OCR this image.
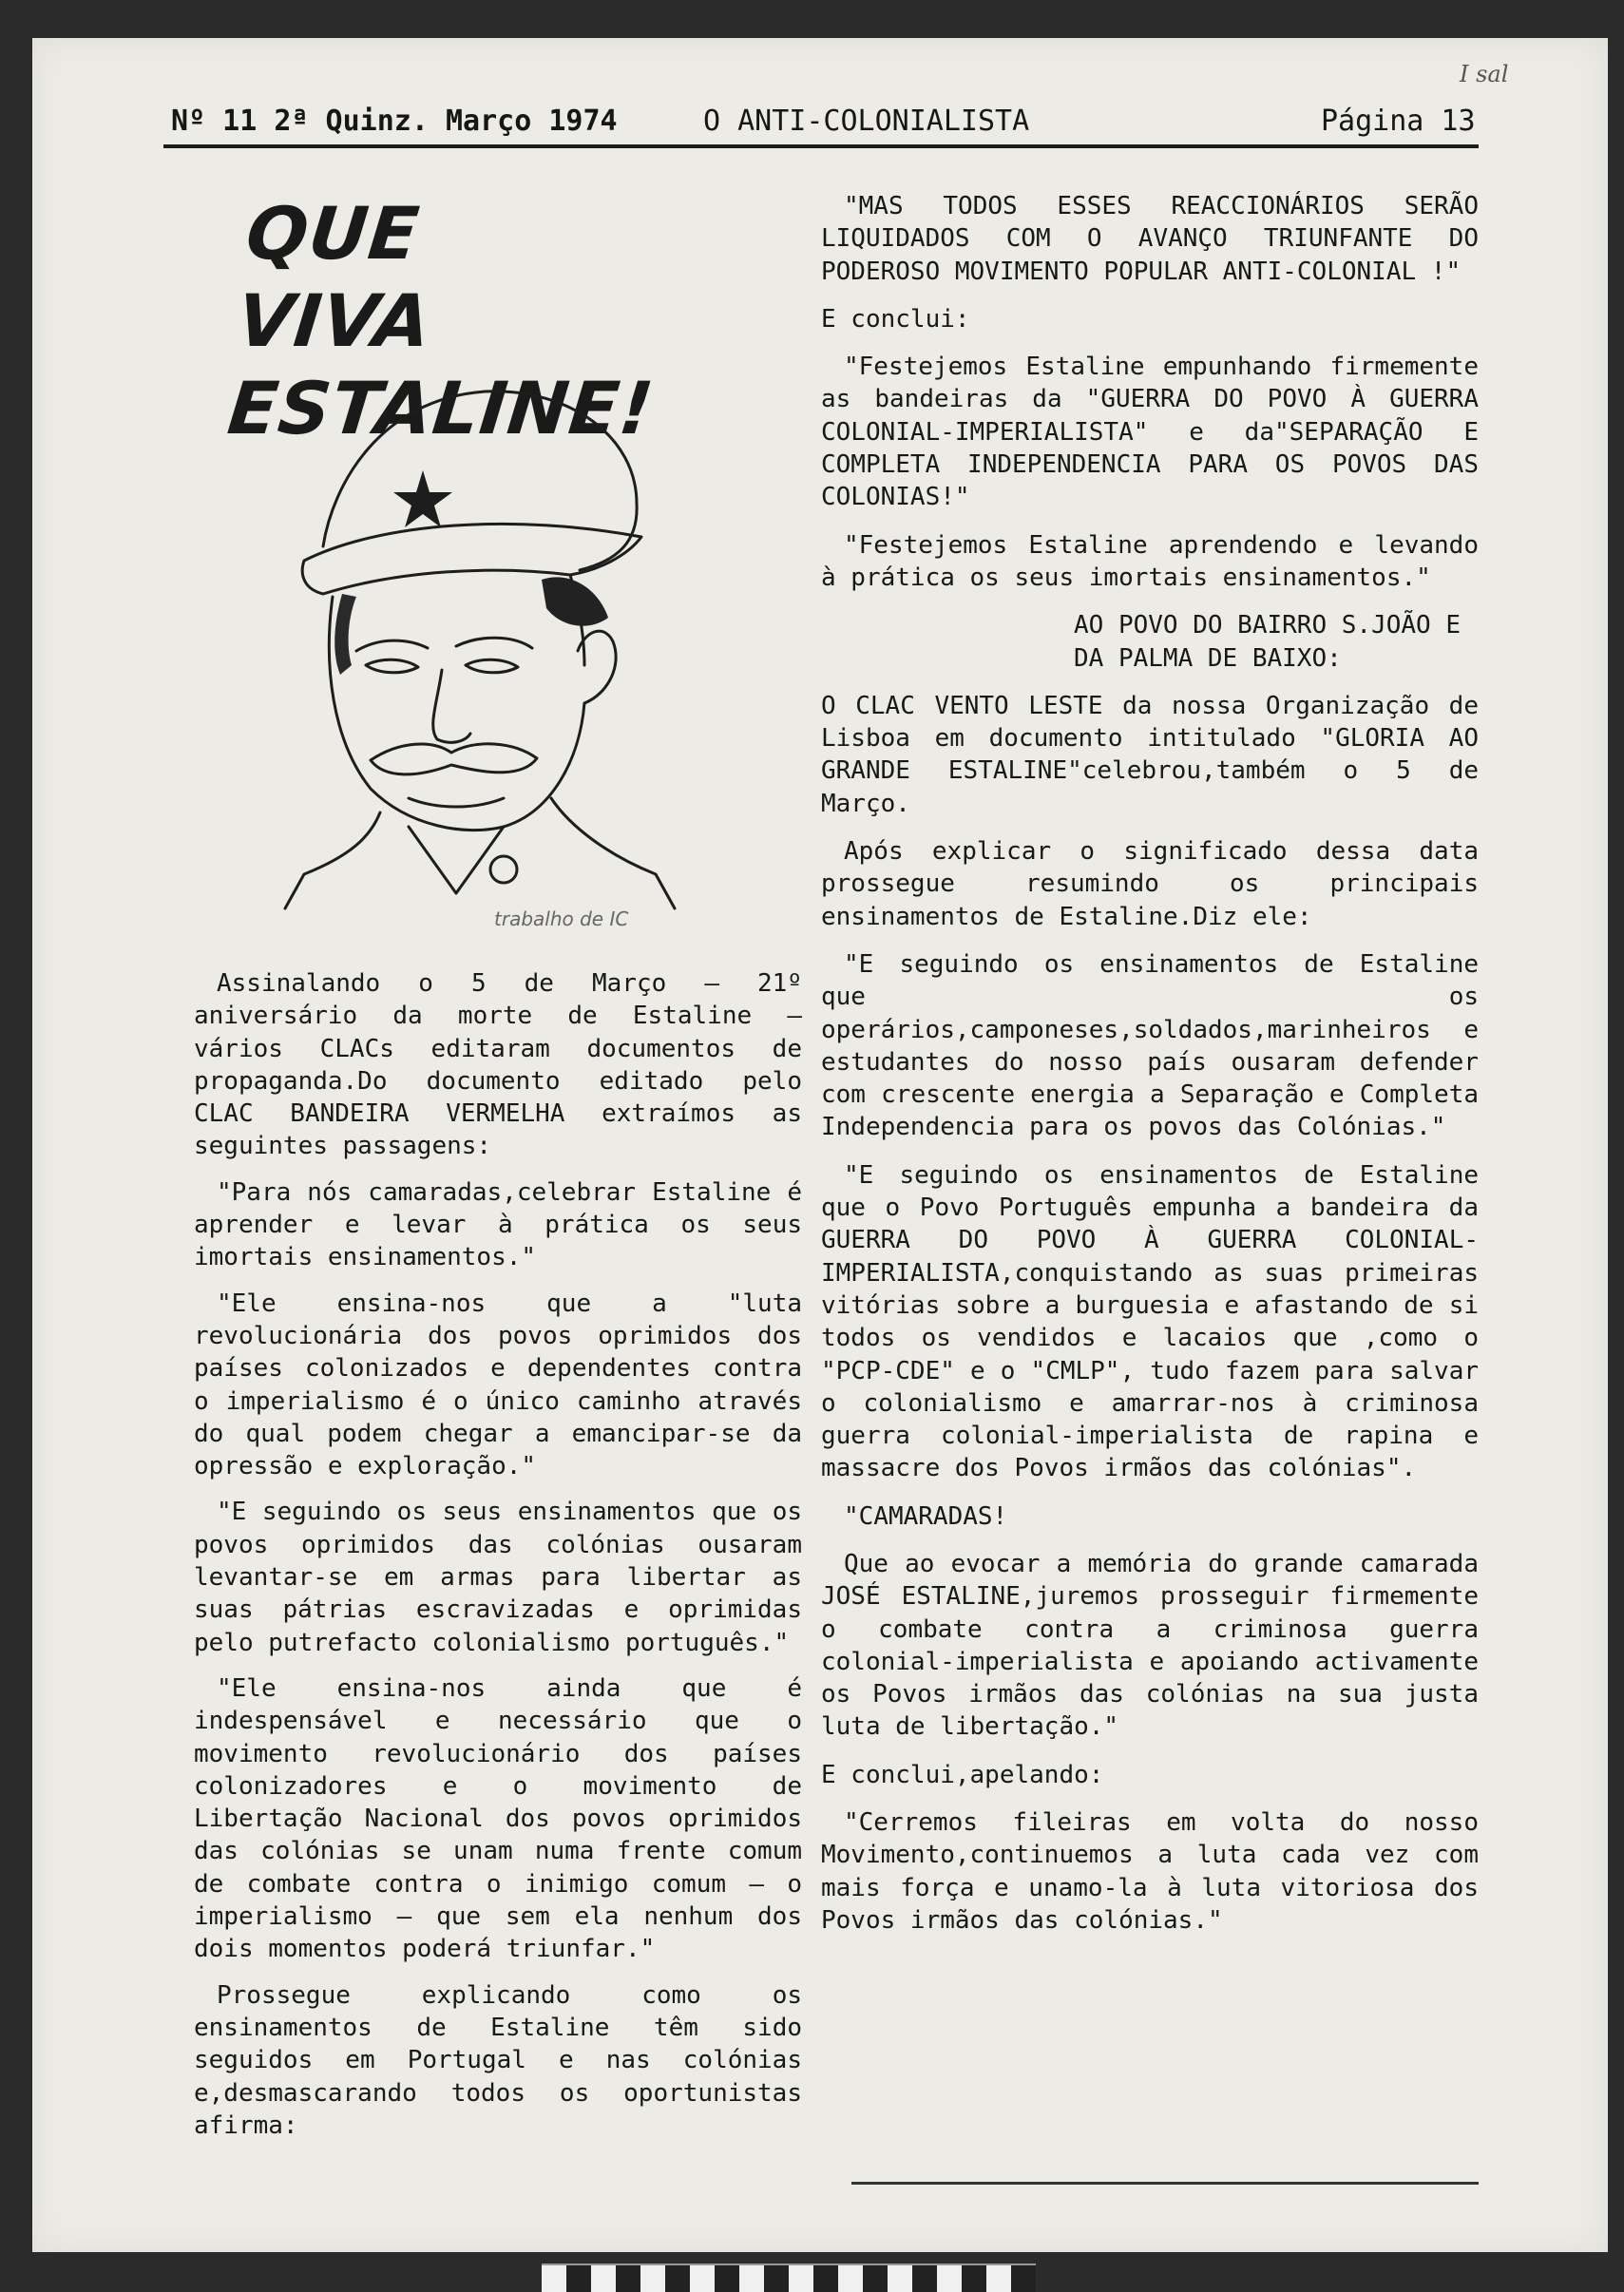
I sal
Nº 11 2ª Quinz. Março 1974	O ANTI-COLONIALISTA	Página 13
QUE VIVA
ESTALINE!
trabalho de IC

Assinalando o 5 de Março — 21º aniversário da morte de Estaline — vários CLACs editaram documentos de propaganda.Do documento editado pelo CLAC BANDEIRA VERMELHA extraímos as seguintes passagens:

"Para nós camaradas,celebrar Estaline é aprender e levar à prática os seus imortais ensinamentos."

"Ele ensina-nos que a "luta revolucionária dos povos oprimidos dos países colonizados e dependentes contra o imperialismo é o único caminho através do qual podem chegar a emancipar-se da opressão e exploração."

"E seguindo os seus ensinamentos que os povos oprimidos das colónias ousaram levantar-se em armas para libertar as suas pátrias escravizadas e oprimidas pelo putrefacto colonialismo português."

"Ele ensina-nos ainda que é indespensável e necessário que o movimento revolucionário dos países colonizadores e o movimento de Libertação Nacional dos povos oprimidos das colónias se unam numa frente comum de combate contra o inimigo comum — o imperialismo — que sem ela nenhum dos dois momentos poderá triunfar."

Prossegue explicando como os ensinamentos de Estaline têm sido seguidos em Portugal e nas colónias e,desmascarando todos os oportunistas afirma:

"MAS TODOS ESSES REACCIONÁRIOS SERÃO LIQUIDADOS COM O AVANÇO TRIUNFANTE DO PODEROSO MOVIMENTO POPULAR ANTI-COLONIAL !"

E conclui:

"Festejemos Estaline empunhando firmemente as bandeiras da "GUERRA DO POVO À GUERRA COLONIAL-IMPERIALISTA" e da"SEPARAÇÃO E COMPLETA INDEPENDENCIA PARA OS POVOS DAS COLONIAS!"

"Festejemos Estaline aprendendo e levando à prática os seus imortais ensinamentos."

AO POVO DO BAIRRO S.JOÃO E DA PALMA DE BAIXO:

O CLAC VENTO LESTE da nossa Organização de Lisboa em documento intitulado "GLORIA AO GRANDE ESTALINE"celebrou,também o 5 de Março.

Após explicar o significado dessa data prossegue resumindo os principais ensinamentos de Estaline.Diz ele:

"E seguindo os ensinamentos de Estaline que os operários,camponeses,soldados,marinheiros e estudantes do nosso país ousaram defender com crescente energia a Separação e Completa Independencia para os povos das Colónias."

"E seguindo os ensinamentos de Estaline que o Povo Português empunha a bandeira da GUERRA DO POVO À GUERRA COLONIAL-IMPERIALISTA,conquistando as suas primeiras vitórias sobre a burguesia e afastando de si todos os vendidos e lacaios que ,como o "PCP-CDE" e o "CMLP", tudo fazem para salvar o colonialismo e amarrar-nos à criminosa guerra colonial-imperialista de rapina e massacre dos Povos irmãos das colónias".

"CAMARADAS!

Que ao evocar a memória do grande camarada JOSÉ ESTALINE,juremos prosseguir firmemente o combate contra a criminosa guerra colonial-imperialista e apoiando activamente os Povos irmãos das colónias na sua justa luta de libertação."

E conclui,apelando:

"Cerremos fileiras em volta do nosso Movimento,continuemos a luta cada vez com mais força e unamo-la à luta vitoriosa dos Povos irmãos das colónias."
